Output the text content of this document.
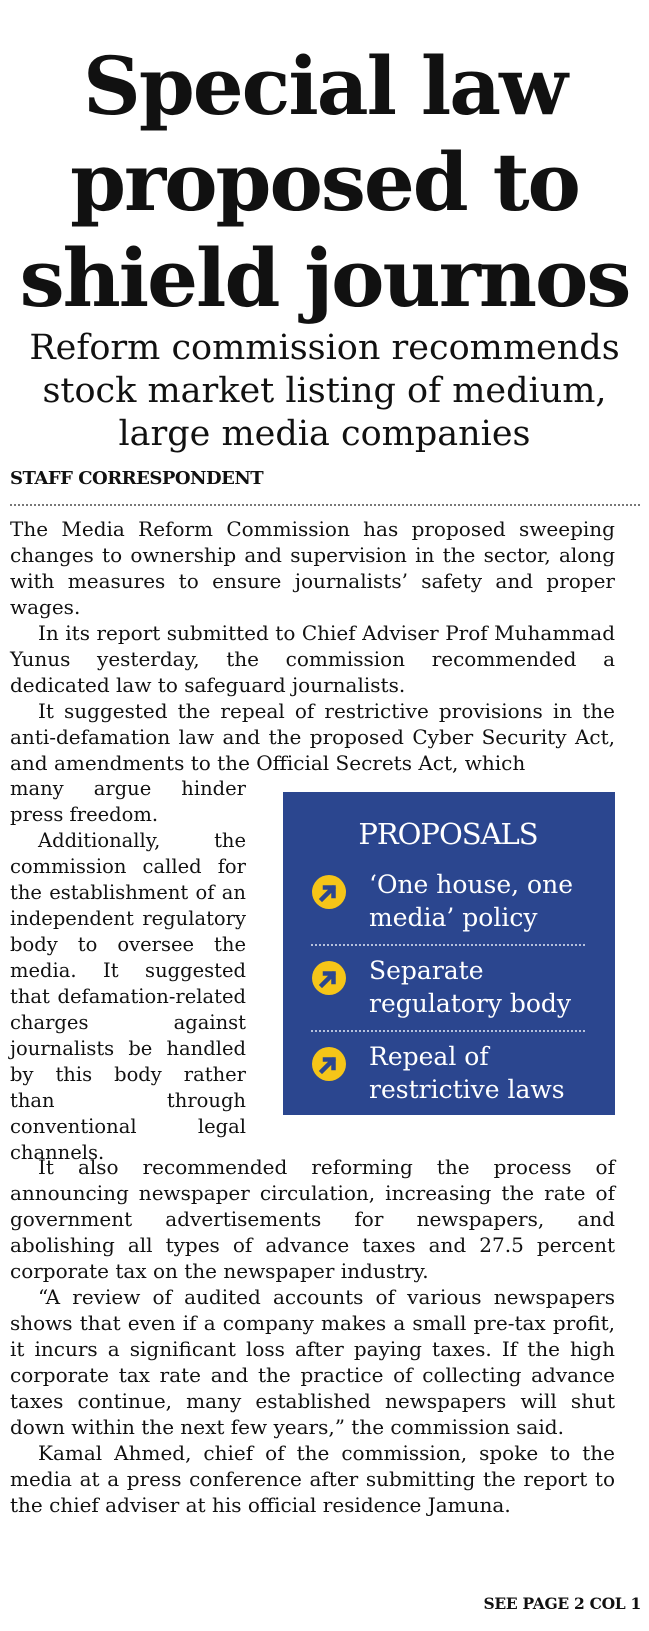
Special law
proposed to
shield journos
Reform commission recommends
stock market listing of medium,
large media companies
STAFF CORRESPONDENT

The Media Reform Commission has proposed sweeping changes to ownership and supervision in the sector, along with measures to ensure journalists’ safety and proper wages.

In its report submitted to Chief Adviser Prof Muhammad Yunus yesterday, the commission recommended a dedicated law to safeguard journalists.

It suggested the repeal of restrictive provisions in the anti-defamation law and the proposed Cyber Security Act, and amendments to the Official Secrets Act, which

many argue hinder press freedom.

Additionally, the commission called for the establishment of an independent regulatory body to oversee the media. It suggested that defamation-related charges against journalists be handled by this body rather than through conventional legal channels.

PROPOSALS
‘One house, one media’ policy
Separate regulatory body
Repeal of restrictive laws

It also recommended reforming the process of announcing newspaper circulation, increasing the rate of government advertisements for newspapers, and abolishing all types of advance taxes and 27.5 percent corporate tax on the newspaper industry.

“A review of audited accounts of various newspapers shows that even if a company makes a small pre-tax profit, it incurs a significant loss after paying taxes. If the high corporate tax rate and the practice of collecting advance taxes continue, many established newspapers will shut down within the next few years,” the commission said.

Kamal Ahmed, chief of the commission, spoke to the media at a press conference after submitting the report to the chief adviser at his official residence Jamuna.

SEE PAGE 2 COL 1
